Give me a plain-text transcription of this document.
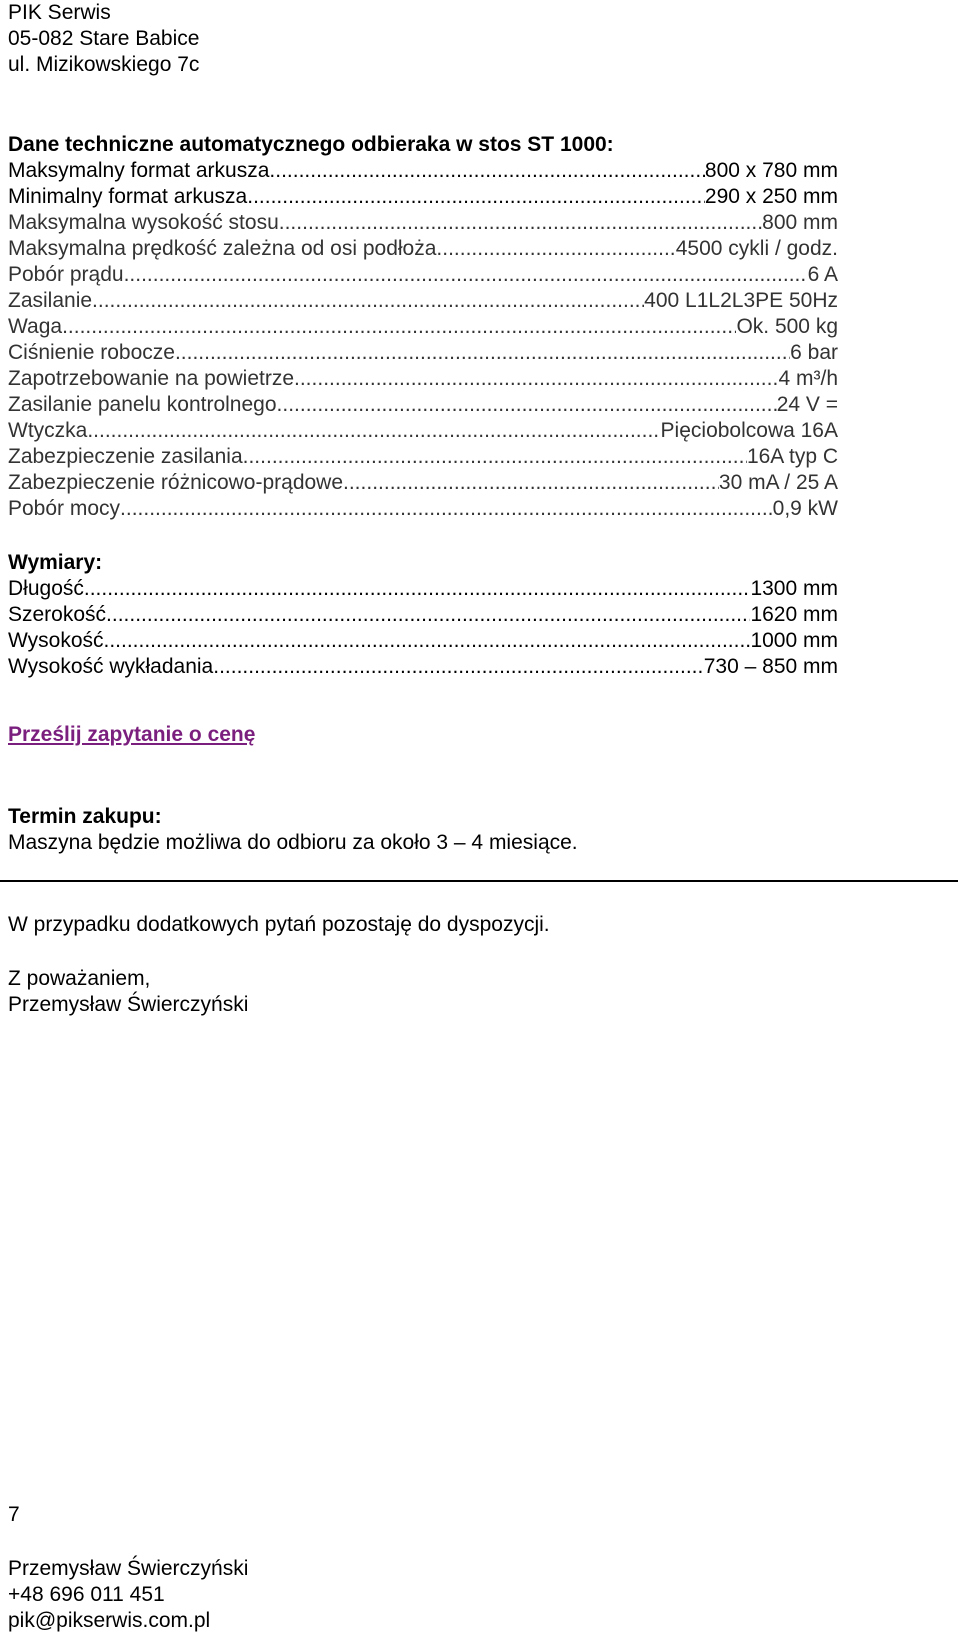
PIK Serwis
05-082 Stare Babice
ul. Mizikowskiego 7c
Dane techniczne automatycznego odbieraka w stos ST 1000:
Maksymalny format arkusza .....	800 x 780 mm
Minimalny format arkusza .....	290 x 250 mm
Maksymalna wysokość stosu .....	800 mm
Maksymalna prędkość zależna od osi podłoża .....	4500 cykli / godz.
Pobór prądu .....	6 A
Zasilanie .....	400 L1L2L3PE 50Hz
Waga .....	Ok. 500 kg
Ciśnienie robocze .....	6 bar
Zapotrzebowanie na powietrze .....	4 m³/h
Zasilanie panelu kontrolnego .....	24 V =
Wtyczka .....	Pięciobolcowa 16A
Zabezpieczenie zasilania .....	16A typ C
Zabezpieczenie różnicowo-prądowe .....	30 mA / 25 A
Pobór mocy .....	0,9 kW
Wymiary:
Długość .....	1300 mm
Szerokość .....	1620 mm
Wysokość .....	1000 mm
Wysokość wykładania .....	730 – 850 mm
Prześlij zapytanie o cenę
Termin zakupu:
Maszyna będzie możliwa do odbioru za około 3 – 4 miesiące.
W przypadku dodatkowych pytań pozostaję do dyspozycji.
Z poważaniem,
Przemysław Świerczyński
7
Przemysław Świerczyński
+48 696 011 451
pik@pikserwis.com.pl
